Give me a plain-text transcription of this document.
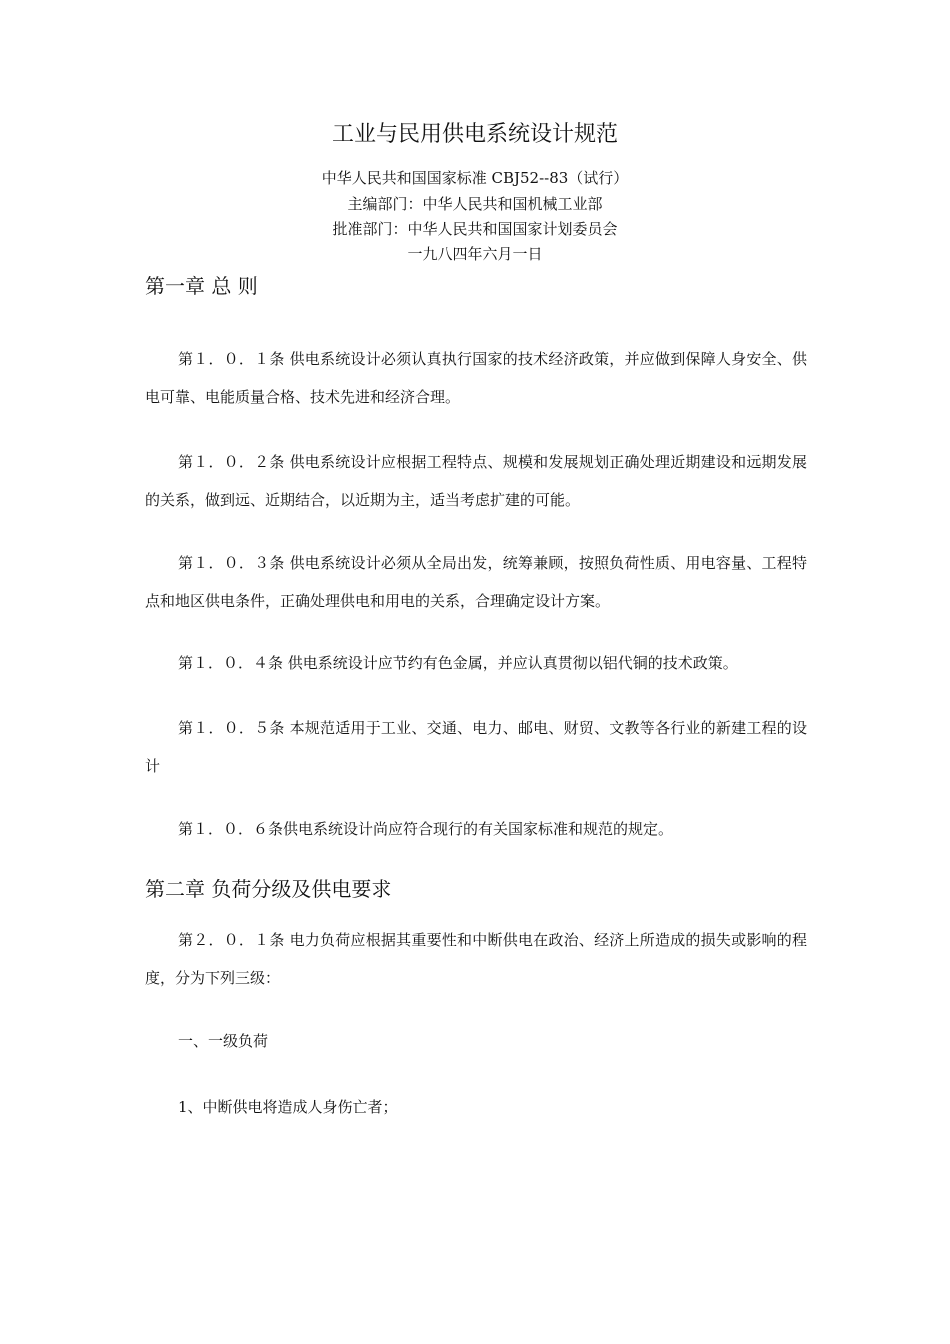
工业与民用供电系统设计规范
中华人民共和国国家标准 CBJ52--83（试行）
主编部门：中华人民共和国机械工业部
批准部门：中华人民共和国国家计划委员会
一九八四年六月一日
第一章 总 则

第１．０．１条 供电系统设计必须认真执行国家的技术经济政策，并应做到保障人身安全、供电可靠、电能质量合格、技术先进和经济合理。

第１．０．２条 供电系统设计应根据工程特点、规模和发展规划正确处理近期建设和远期发展的关系，做到远、近期结合，以近期为主，适当考虑扩建的可能。

第１．０．３条 供电系统设计必须从全局出发，统筹兼顾，按照负荷性质、用电容量、工程特点和地区供电条件，正确处理供电和用电的关系，合理确定设计方案。

第１．０．４条 供电系统设计应节约有色金属，并应认真贯彻以铝代铜的技术政策。

第１．０．５条 本规范适用于工业、交通、电力、邮电、财贸、文教等各行业的新建工程的设计

第１．０．６条供电系统设计尚应符合现行的有关国家标准和规范的规定。

第二章 负荷分级及供电要求

第２．０．１条 电力负荷应根据其重要性和中断供电在政治、经济上所造成的损失或影响的程度，分为下列三级：

一、一级负荷

1、中断供电将造成人身伤亡者；
